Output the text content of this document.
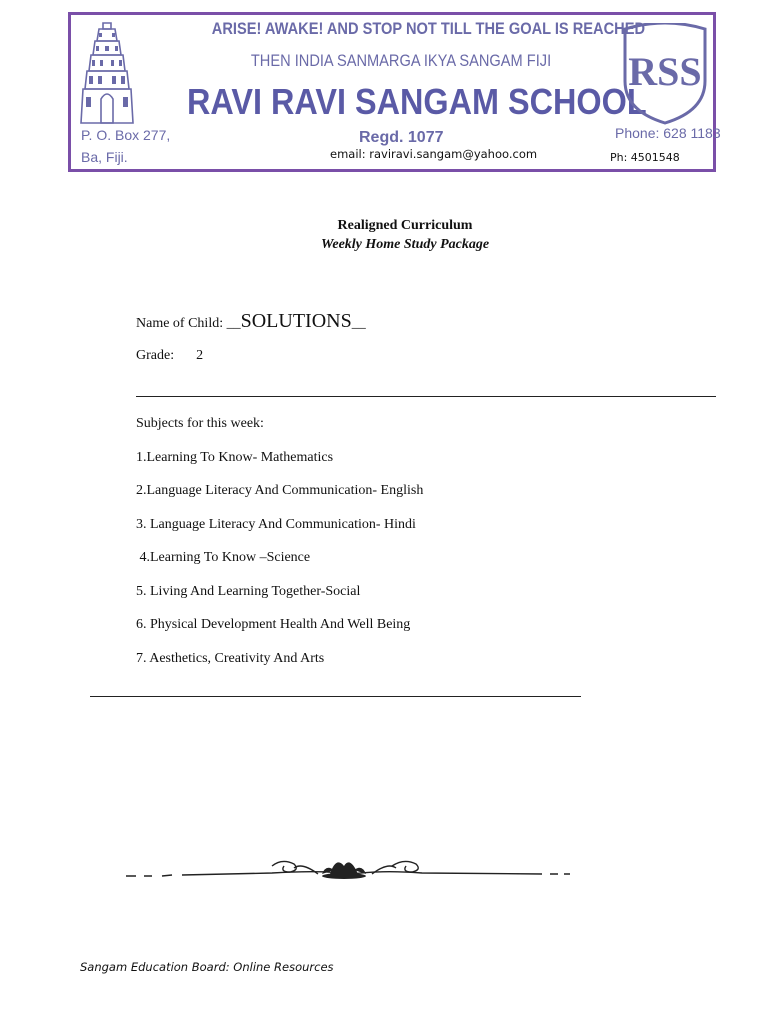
ARISE! AWAKE! AND STOP NOT TILL THE GOAL IS REACHED
THEN INDIA SANMARGA IKYA SANGAM FIJI
RAVI RAVI SANGAM SCHOOL
RSS
P. O. Box 277,
Ba, Fiji.
Regd. 1077	Phone: 628 1183
email: raviravi.sangam@yahoo.com	Ph: 4501548
Realigned Curriculum
Weekly Home Study Package
Name of Child: __SOLUTIONS__
Grade: 2
Subjects for this week:
1.Learning To Know- Mathematics
2.Language Literacy And Communication- English
3. Language Literacy And Communication- Hindi
4.Learning To Know –Science
5. Living And Learning Together-Social
6. Physical Development Health And Well Being
7. Aesthetics, Creativity And Arts
Sangam Education Board: Online Resources
